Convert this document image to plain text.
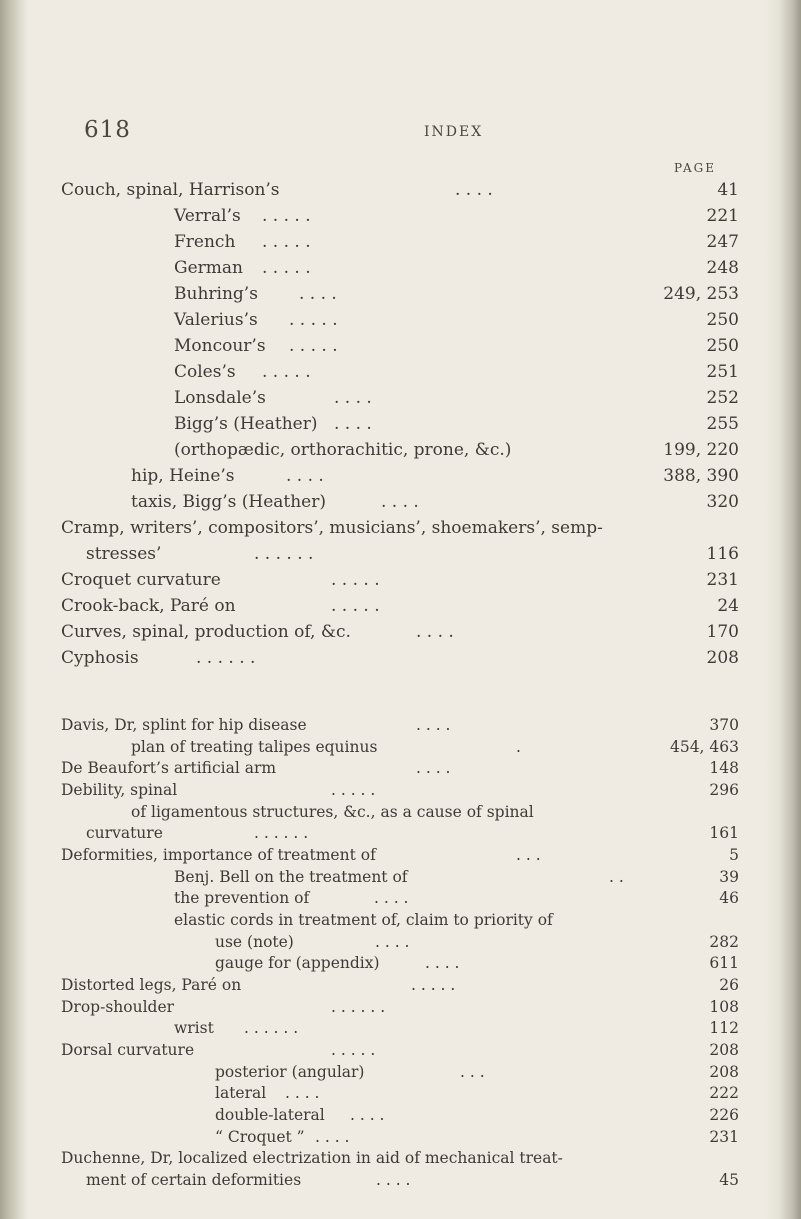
618	INDEX
PAGE
Couch, spinal, Harrison’s	. . . .	41
Verral’s . . . . .	221
French . . . . .	247
German . . . . .	248
Buhring’s . . . .	249, 253
Valerius’s . . . . .	250
Moncour’s . . . . .	250
Coles’s . . . . .	251
Lonsdale’s	. . . .	252
Bigg’s (Heather) . . . .	255
(orthopædic, orthorachitic, prone, &c.)	199, 220
hip, Heine’s	. . . .	388, 390
taxis, Bigg’s (Heather)	. . . .	320
Cramp, writers’, compositors’, musicians’, shoemakers’, semp-
stresses’	. . . . . .	116
Croquet curvature	. . . . .	231
Crook-back, Paré on	. . . . .	24
Curves, spinal, production of, &c.	. . . .	170
Cyphosis	. . . . . .	208
Davis, Dr, splint for hip disease	. . . .	370
plan of treating talipes equinus	.	454, 463
De Beaufort’s artificial arm	. . . .	148
Debility, spinal	. . . . .	296
of ligamentous structures, &c., as a cause of spinal
curvature	. . . . . .	161
Deformities, importance of treatment of	. . .	5
Benj. Bell on the treatment of	. .	39
the prevention of	. . . .	46
elastic cords in treatment of, claim to priority of
use (note)	. . . .	282
gauge for (appendix)	. . . .	611
Distorted legs, Paré on	. . . . .	26
Drop-shoulder	. . . . . .	108
wrist . . . . . .	112
Dorsal curvature	. . . . .	208
posterior (angular)	. . .	208
lateral . . . .	222
double-lateral . . . .	226
“ Croquet ” . . . .	231
Duchenne, Dr, localized electrization in aid of mechanical treat-
ment of certain deformities	. . . .	45
